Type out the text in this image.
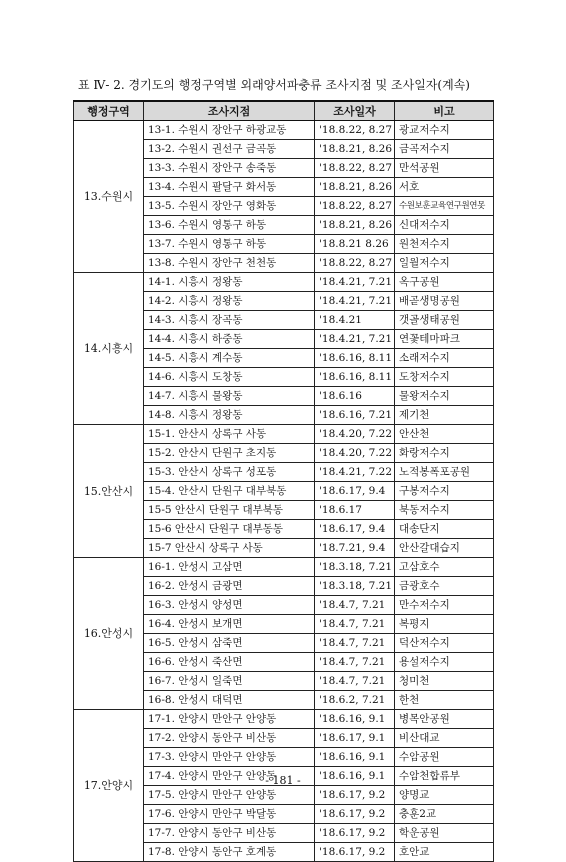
표 Ⅳ- 2. 경기도의 행정구역별 외래양서파충류 조사지점 및 조사일자(계속)
행정구역	조사지점	조사일자	비고
13.수원시	13-1. 수원시 장안구 하광교동	'18.8.22, 8.27	광교저수지
	13-2. 수원시 권선구 금곡동	'18.8.21, 8.26	금곡저수지
	13-3. 수원시 장안구 송죽동	'18.8.22, 8.27	만석공원
	13-4. 수원시 팔달구 화서동	'18.8.21, 8.26	서호
	13-5. 수원시 장안구 영화동	'18.8.22, 8.27	수원보훈교육연구원연못
	13-6. 수원시 영통구 하동	'18.8.21, 8.26	신대저수지
	13-7. 수원시 영통구 하동	'18.8.21 8.26	원천저수지
	13-8. 수원시 장안구 천천동	'18.8.22, 8.27	일월저수지
14.시흥시	14-1. 시흥시 정왕동	'18.4.21, 7.21	옥구공원
	14-2. 시흥시 정왕동	'18.4.21, 7.21	배곧생명공원
	14-3. 시흥시 장곡동	'18.4.21	갯골생태공원
	14-4. 시흥시 하중동	'18.4.21, 7.21	연꽃테마파크
	14-5. 시흥시 계수동	'18.6.16, 8.11	소래저수지
	14-6. 시흥시 도창동	'18.6.16, 8.11	도창저수지
	14-7. 시흥시 물왕동	'18.6.16	물왕저수지
	14-8. 시흥시 정왕동	'18.6.16, 7.21	제기천
15.안산시	15-1. 안산시 상록구 사동	'18.4.20, 7.22	안산천
	15-2. 안산시 단원구 초지동	'18.4.20, 7.22	화랑저수지
	15-3. 안산시 상록구 성포동	'18.4.21, 7.22	노적봉폭포공원
	15-4. 안산시 단원구 대부북동	'18.6.17, 9.4	구봉저수지
	15-5 안산시 단원구 대부북동	'18.6.17	북동저수지
	15-6 안산시 단원구 대부동동	'18.6.17, 9.4	대송단지
	15-7 안산시 상록구 사동	'18.7.21, 9.4	안산갈대습지
16.안성시	16-1. 안성시 고삼면	'18.3.18, 7.21	고삼호수
	16-2. 안성시 금광면	'18.3.18, 7.21	금광호수
	16-3. 안성시 양성면	'18.4.7, 7.21	만수저수지
	16-4. 안성시 보개면	'18.4.7, 7.21	복평지
	16-5. 안성시 삼죽면	'18.4.7, 7.21	덕산저수지
	16-6. 안성시 죽산면	'18.4.7, 7.21	용설저수지
	16-7. 안성시 일죽면	'18.4.7, 7.21	청미천
	16-8. 안성시 대덕면	'18.6.2, 7.21	한천
17.안양시	17-1. 안양시 만안구 안양동	'18.6.16, 9.1	병목안공원
	17-2. 안양시 동안구 비산동	'18.6.17, 9.1	비산대교
	17-3. 안양시 만안구 안양동	'18.6.16, 9.1	수암공원
	17-4. 안양시 만안구 안양동	'18.6.16, 9.1	수암천합류부
	17-5. 안양시 만안구 안양동	'18.6.17, 9.2	양명교
	17-6. 안양시 만안구 박달동	'18.6.17, 9.2	충훈2교
	17-7. 안양시 동안구 비산동	'18.6.17, 9.2	학운공원
	17-8. 안양시 동안구 호계동	'18.6.17, 9.2	호안교
- 181 -
